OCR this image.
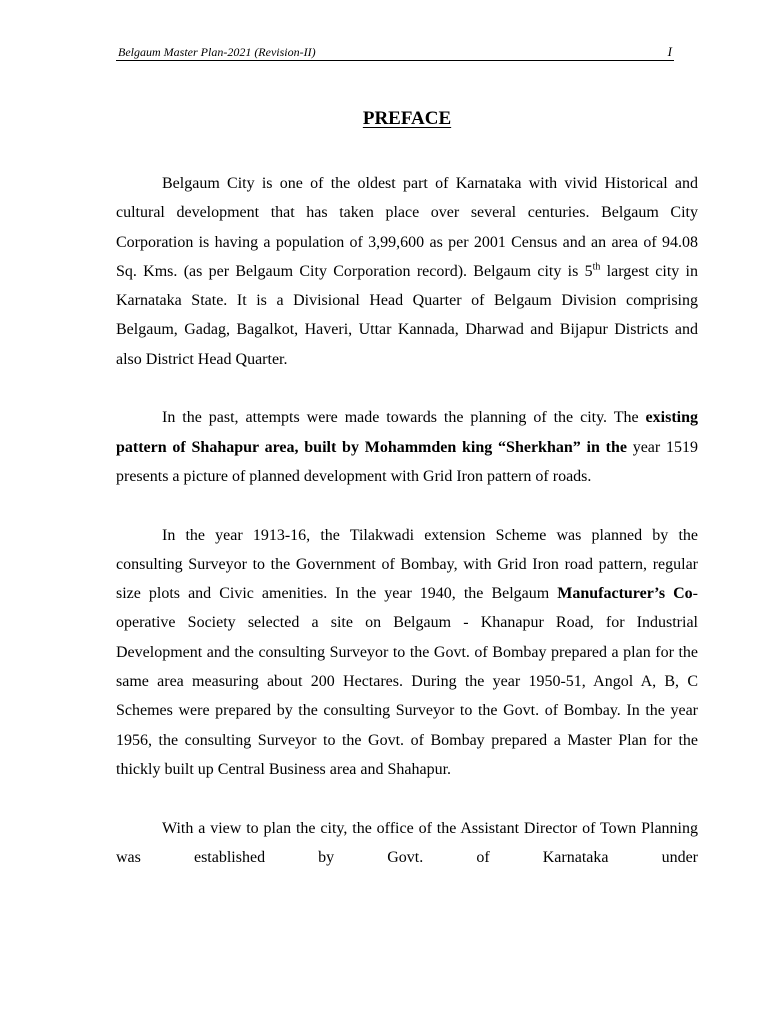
Belgaum Master Plan-2021 (Revision-II)	I
PREFACE

Belgaum City is one of the oldest part of Karnataka with vivid Historical and cultural development that has taken place over several centuries. Belgaum City Corporation is having a population of 3,99,600 as per 2001 Census and an area of 94.08 Sq. Kms. (as per Belgaum City Corporation record). Belgaum city is 5th largest city in Karnataka State. It is a Divisional Head Quarter of Belgaum Division comprising Belgaum, Gadag, Bagalkot, Haveri, Uttar Kannada, Dharwad and Bijapur Districts and also District Head Quarter.

In the past, attempts were made towards the planning of the city. The existing pattern of Shahapur area, built by Mohammden king “Sherkhan” in the year 1519 presents a picture of planned development with Grid Iron pattern of roads.

In the year 1913-16, the Tilakwadi extension Scheme was planned by the consulting Surveyor to the Government of Bombay, with Grid Iron road pattern, regular size plots and Civic amenities. In the year 1940, the Belgaum Manufacturer’s Co-operative Society selected a site on Belgaum - Khanapur Road, for Industrial Development and the consulting Surveyor to the Govt. of Bombay prepared a plan for the same area measuring about 200 Hectares. During the year 1950-51, Angol A, B, C Schemes were prepared by the consulting Surveyor to the Govt. of Bombay. In the year 1956, the consulting Surveyor to the Govt. of Bombay prepared a Master Plan for the thickly built up Central Business area and Shahapur.

With a view to plan the city, the office of the Assistant Director of Town Planning was established by Govt. of Karnataka under
